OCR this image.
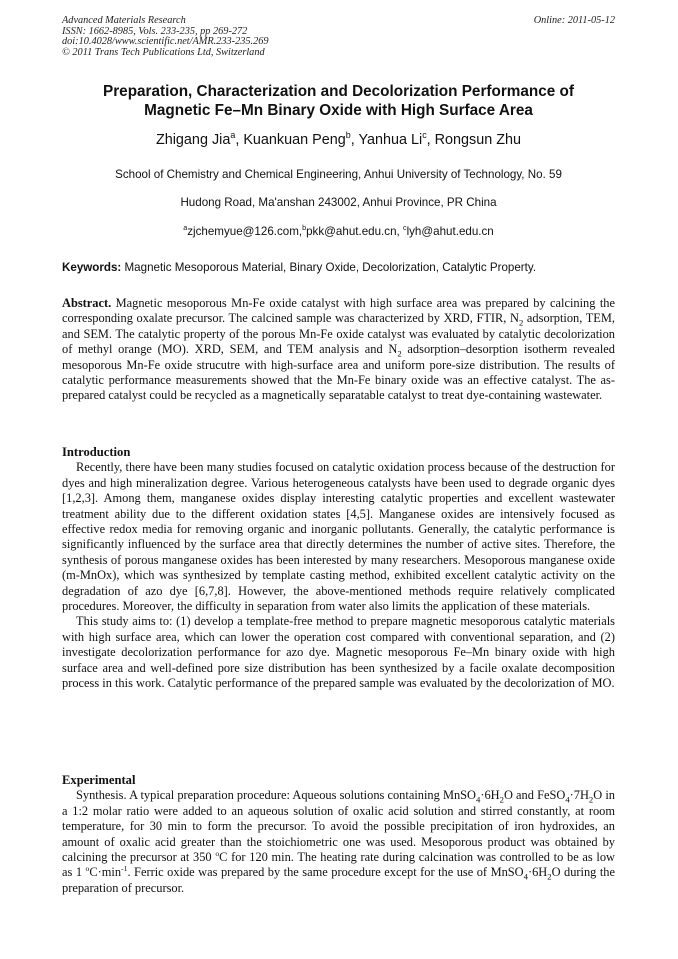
Advanced Materials Research
ISSN: 1662-8985, Vols. 233-235, pp 269-272
doi:10.4028/www.scientific.net/AMR.233-235.269
© 2011 Trans Tech Publications Ltd, Switzerland
Online: 2011-05-12
Preparation, Characterization and Decolorization Performance of
Magnetic Fe–Mn Binary Oxide with High Surface Area
Zhigang Jia$^a$, Kuankuan Peng$^b$, Yanhua Li$^c$, Rongsun Zhu
School of Chemistry and Chemical Engineering, Anhui University of Technology, No. 59
Hudong Road, Ma'anshan 243002, Anhui Province, PR China
$^a$zjchemyue@126.com,$^b$pkk@ahut.edu.cn, $^c$lyh@ahut.edu.cn
Keywords: Magnetic Mesoporous Material, Binary Oxide, Decolorization, Catalytic Property.

Abstract. Magnetic mesoporous Mn-Fe oxide catalyst with high surface area was prepared by calcining the corresponding oxalate precursor. The calcined sample was characterized by XRD, FTIR, $N_2$ adsorption, TEM, and SEM. The catalytic property of the porous Mn-Fe oxide catalyst was evaluated by catalytic decolorization of methyl orange (MO). XRD, SEM, and TEM analysis and $N_2$ adsorption–desorption isotherm revealed mesoporous Mn-Fe oxide strucutre with high-surface area and uniform pore-size distribution. The results of catalytic performance measurements showed that the Mn-Fe binary oxide was an effective catalyst. The as-prepared catalyst could be recycled as a magnetically separatable catalyst to treat dye-containing wastewater.

Introduction

Recently, there have been many studies focused on catalytic oxidation process because of the destruction for dyes and high mineralization degree. Various heterogeneous catalysts have been used to degrade organic dyes [1,2,3]. Among them, manganese oxides display interesting catalytic properties and excellent wastewater treatment ability due to the different oxidation states [4,5]. Manganese oxides are intensively focused as effective redox media for removing organic and inorganic pollutants. Generally, the catalytic performance is significantly influenced by the surface area that directly determines the number of active sites. Therefore, the synthesis of porous manganese oxides has been interested by many researchers. Mesoporous manganese oxide (m-MnOx), which was synthesized by template casting method, exhibited excellent catalytic activity on the degradation of azo dye [6,7,8]. However, the above-mentioned methods require relatively complicated procedures. Moreover, the difficulty in separation from water also limits the application of these materials.

This study aims to: (1) develop a template-free method to prepare magnetic mesoporous catalytic materials with high surface area, which can lower the operation cost compared with conventional separation, and (2) investigate decolorization performance for azo dye. Magnetic mesoporous Fe–Mn binary oxide with high surface area and well-defined pore size distribution has been synthesized by a facile oxalate decomposition process in this work. Catalytic performance of the prepared sample was evaluated by the decolorization of MO.

Experimental

Synthesis. A typical preparation procedure: Aqueous solutions containing $MnSO_4\cdot 6H_2O$ and $FeSO_4\cdot 7H_2O$ in a 1:2 molar ratio were added to an aqueous solution of oxalic acid solution and stirred constantly, at room temperature, for 30 min to form the precursor. To avoid the possible precipitation of iron hydroxides, an amount of oxalic acid greater than the stoichiometric one was used. Mesoporous product was obtained by calcining the precursor at 350 $^o$C for 120 min. The heating rate during calcination was controlled to be as low as 1 $^oC\cdot\min^{-1}$. Ferric oxide was prepared by the same procedure except for the use of $MnSO_4\cdot 6H_2O$ during the preparation of precursor.
